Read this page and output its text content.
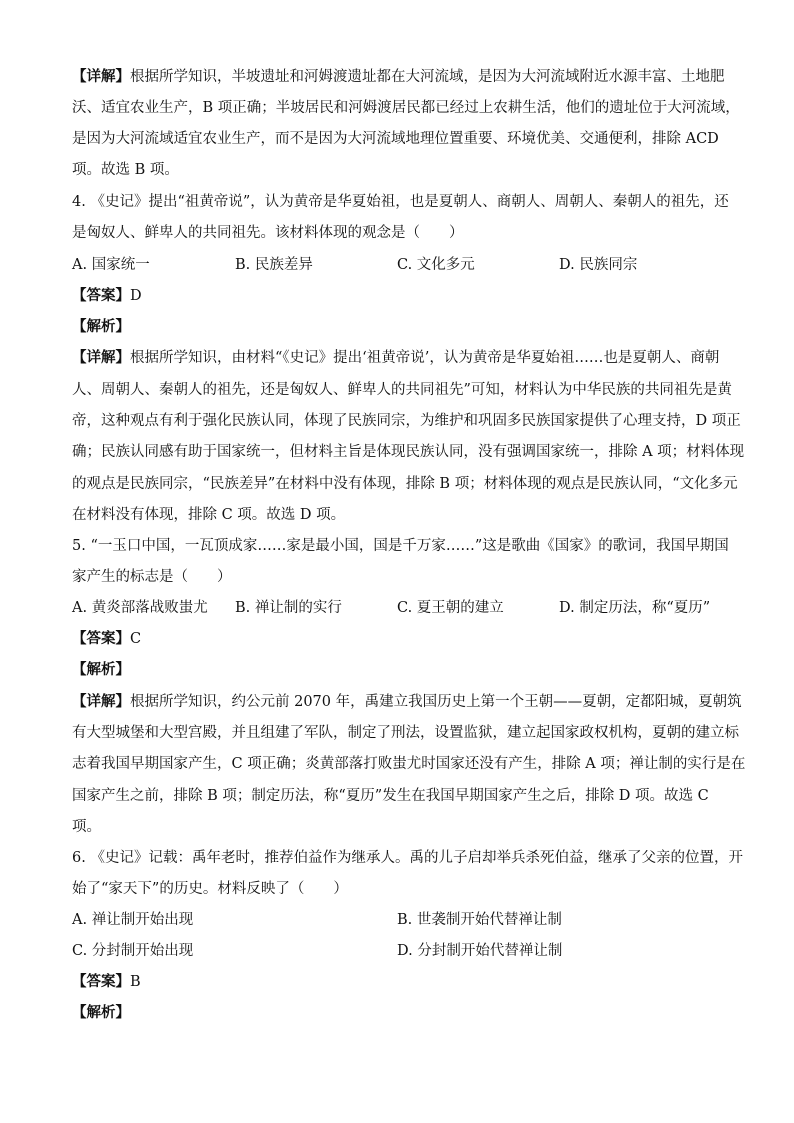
【详解】根据所学知识，半坡遗址和河姆渡遗址都在大河流域，是因为大河流域附近水源丰富、土地肥
沃、适宜农业生产，B 项正确；半坡居民和河姆渡居民都已经过上农耕生活，他们的遗址位于大河流域，
是因为大河流域适宜农业生产，而不是因为大河流域地理位置重要、环境优美、交通便利，排除 ACD
项。故选 B 项。
4. 《史记》提出“祖黄帝说”，认为黄帝是华夏始祖，也是夏朝人、商朝人、周朝人、秦朝人的祖先，还
是匈奴人、鲜卑人的共同祖先。该材料体现的观念是（　　）
A. 国家统一	B. 民族差异	C. 文化多元	D. 民族同宗
【答案】D
【解析】
【详解】根据所学知识，由材料“《史记》提出‘祖黄帝说’，认为黄帝是华夏始祖……也是夏朝人、商朝
人、周朝人、秦朝人的祖先，还是匈奴人、鲜卑人的共同祖先”可知，材料认为中华民族的共同祖先是黄
帝，这种观点有利于强化民族认同，体现了民族同宗，为维护和巩固多民族国家提供了心理支持，D 项正
确；民族认同感有助于国家统一，但材料主旨是体现民族认同，没有强调国家统一，排除 A 项；材料体现
的观点是民族同宗，“民族差异”在材料中没有体现，排除 B 项；材料体现的观点是民族认同，“文化多元
在材料没有体现，排除 C 项。故选 D 项。
5. “一玉口中国，一瓦顶成家……家是最小国，国是千万家……”这是歌曲《国家》的歌词，我国早期国
家产生的标志是（　　）
A. 黄炎部落战败蚩尤 B. 禅让制的实行	C. 夏王朝的建立	D. 制定历法，称“夏历”
【答案】C
【解析】
【详解】根据所学知识，约公元前 2070 年，禹建立我国历史上第一个王朝——夏朝，定都阳城，夏朝筑
有大型城堡和大型宫殿，并且组建了军队，制定了刑法，设置监狱，建立起国家政权机构，夏朝的建立标
志着我国早期国家产生，C 项正确；炎黄部落打败蚩尤时国家还没有产生，排除 A 项；禅让制的实行是在
国家产生之前，排除 B 项；制定历法，称“夏历”发生在我国早期国家产生之后，排除 D 项。故选 C
项。
6. 《史记》记载：禹年老时，推荐伯益作为继承人。禹的儿子启却举兵杀死伯益，继承了父亲的位置，开
始了“家天下”的历史。材料反映了（　　）
A. 禅让制开始出现	B. 世袭制开始代替禅让制
C. 分封制开始出现	D. 分封制开始代替禅让制
【答案】B
【解析】
